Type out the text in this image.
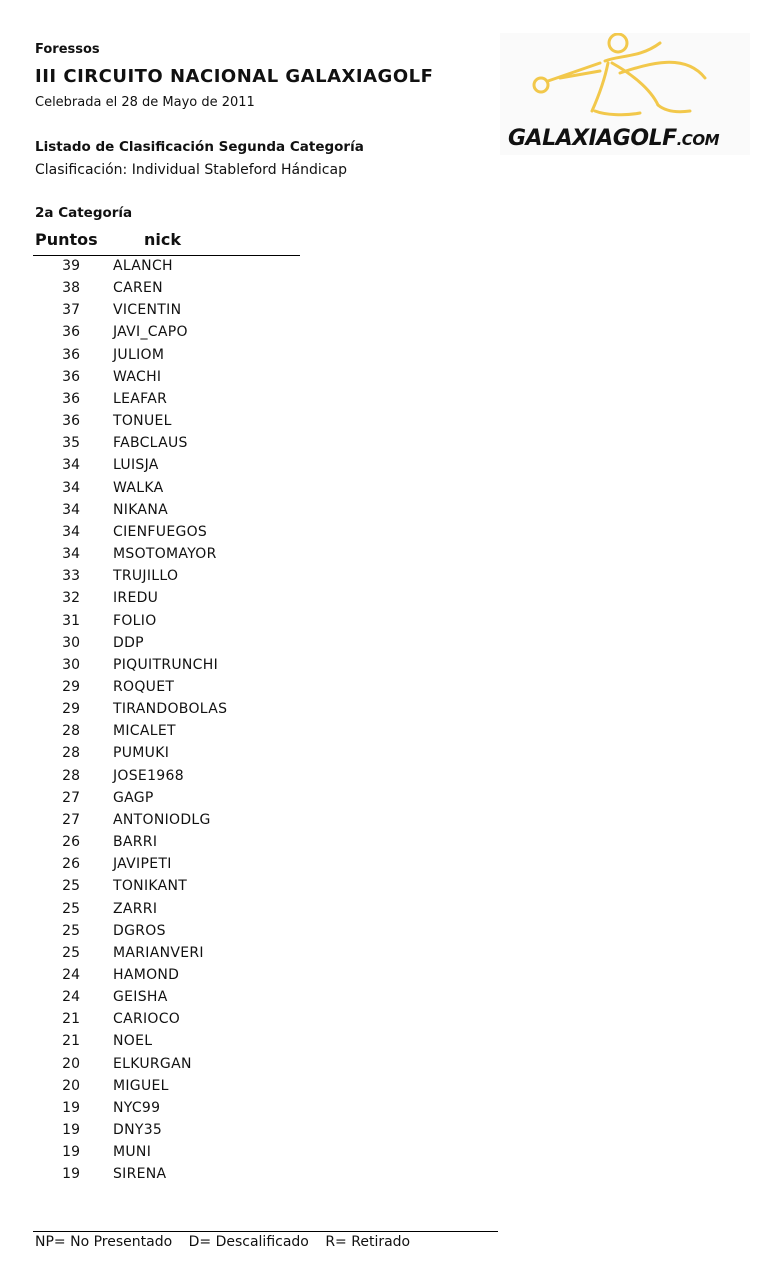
Foressos
III CIRCUITO NACIONAL GALAXIAGOLF
Celebrada el 28 de Mayo de 2011
Listado de Clasificación Segunda Categoría
Clasificación: Individual Stableford Hándicap
GALAXIAGOLF.COM
2a Categoría
Puntos	nick
39 ALANCH
38 CAREN
37 VICENTIN
36 JAVI_CAPO
36 JULIOM
36 WACHI
36 LEAFAR
36 TONUEL
35 FABCLAUS
34 LUISJA
34 WALKA
34 NIKANA
34 CIENFUEGOS
34 MSOTOMAYOR
33 TRUJILLO
32 IREDU
31 FOLIO
30 DDP
30 PIQUITRUNCHI
29 ROQUET
29 TIRANDOBOLAS
28 MICALET
28 PUMUKI
28 JOSE1968
27 GAGP
27 ANTONIODLG
26 BARRI
26 JAVIPETI
25 TONIKANT
25 ZARRI
25 DGROS
25 MARIANVERI
24 HAMOND
24 GEISHA
21 CARIOCO
21 NOEL
20 ELKURGAN
20 MIGUEL
19 NYC99
19 DNY35
19 MUNI
19 SIRENA
NP= No Presentado D= Descalificado R= Retirado
